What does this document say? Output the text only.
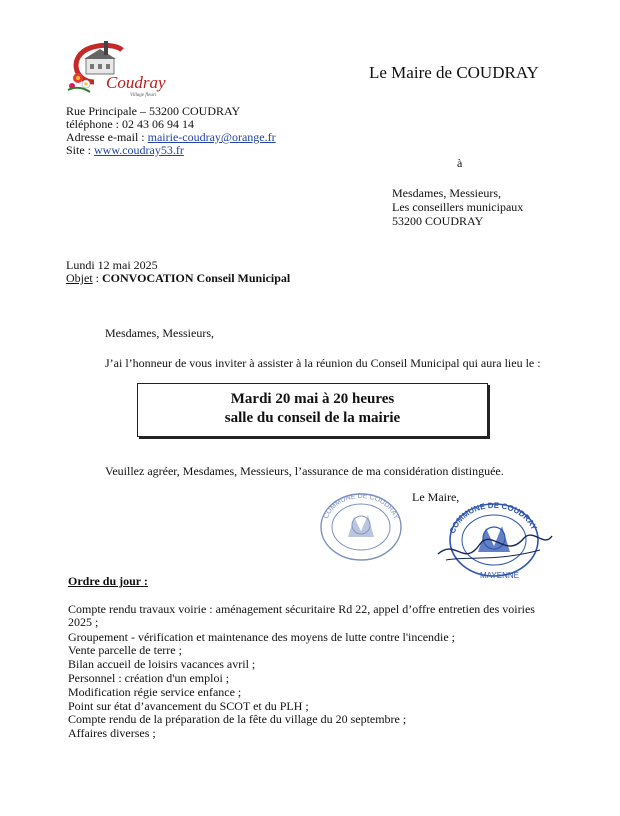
Coudray
Village fleuri
Le Maire de COUDRAY
Rue Principale – 53200 COUDRAY
téléphone : 02 43 06 94 14
Adresse e-mail : mairie-coudray@orange.fr
Site : www.coudray53.fr
à
Mesdames, Messieurs,
Les conseillers municipaux
53200 COUDRAY
Lundi 12 mai 2025
Objet : CONVOCATION Conseil Municipal
Mesdames, Messieurs,
J’ai l’honneur de vous inviter à assister à la réunion du Conseil Municipal qui aura lieu le :
Mardi 20 mai à 20 heures
salle du conseil de la mairie
Veuillez agréer, Mesdames, Messieurs, l’assurance de ma considération distinguée.
Le Maire,
COMMUNE DE COUDRAY
COMMUNE DE COUDRAY
MAYENNE
Ordre du jour :
Compte rendu travaux voirie : aménagement sécuritaire Rd 22, appel d’offre entretien des voiries
2025 ;
Groupement - vérification et maintenance des moyens de lutte contre l'incendie ;
Vente parcelle de terre ;
Bilan accueil de loisirs vacances avril ;
Personnel : création d'un emploi ;
Modification régie service enfance ;
Point sur état d’avancement du SCOT et du PLH ;
Compte rendu de la préparation de la fête du village du 20 septembre ;
Affaires diverses ;
